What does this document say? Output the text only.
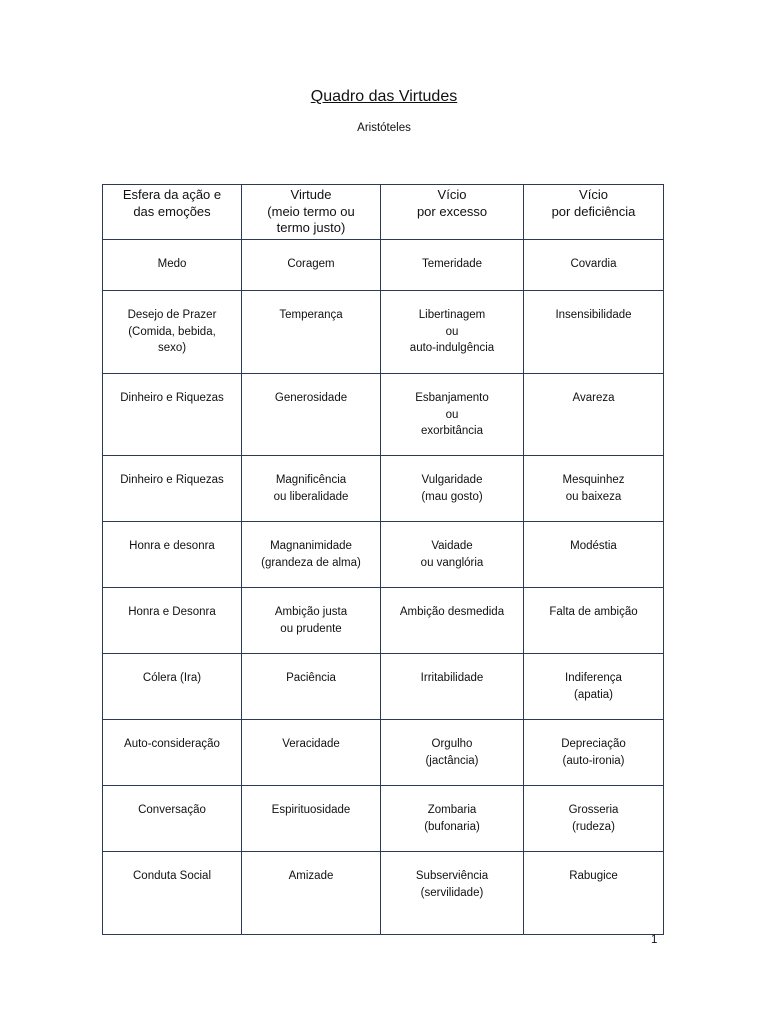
Quadro das Virtudes
Aristóteles
Esfera da ação e
das emoções	Virtude
(meio termo ou
termo justo)	Vício
por excesso	Vício
por deficiência

Medo	Coragem	Temeridade	Covardia

Desejo de Prazer
(Comida, bebida,
sexo)	Temperança	Libertinagem
ou
auto-indulgência	Insensibilidade

Dinheiro e Riquezas	Generosidade	Esbanjamento
ou
exorbitância	Avareza

Dinheiro e Riquezas	Magnificência
ou liberalidade	Vulgaridade
(mau gosto)	Mesquinhez
ou baixeza

Honra e desonra	Magnanimidade
(grandeza de alma)	Vaidade
ou vanglória	Modéstia

Honra e Desonra	Ambição justa
ou prudente	Ambição desmedida	Falta de ambição

Cólera (Ira)	Paciência	Irritabilidade	Indiferença
(apatia)

Auto-consideração	Veracidade	Orgulho
(jactância)	Depreciação
(auto-ironia)

Conversação	Espirituosidade	Zombaria
(bufonaria)	Grosseria
(rudeza)

Conduta Social	Amizade	Subserviência
(servilidade)	Rabugice
1
